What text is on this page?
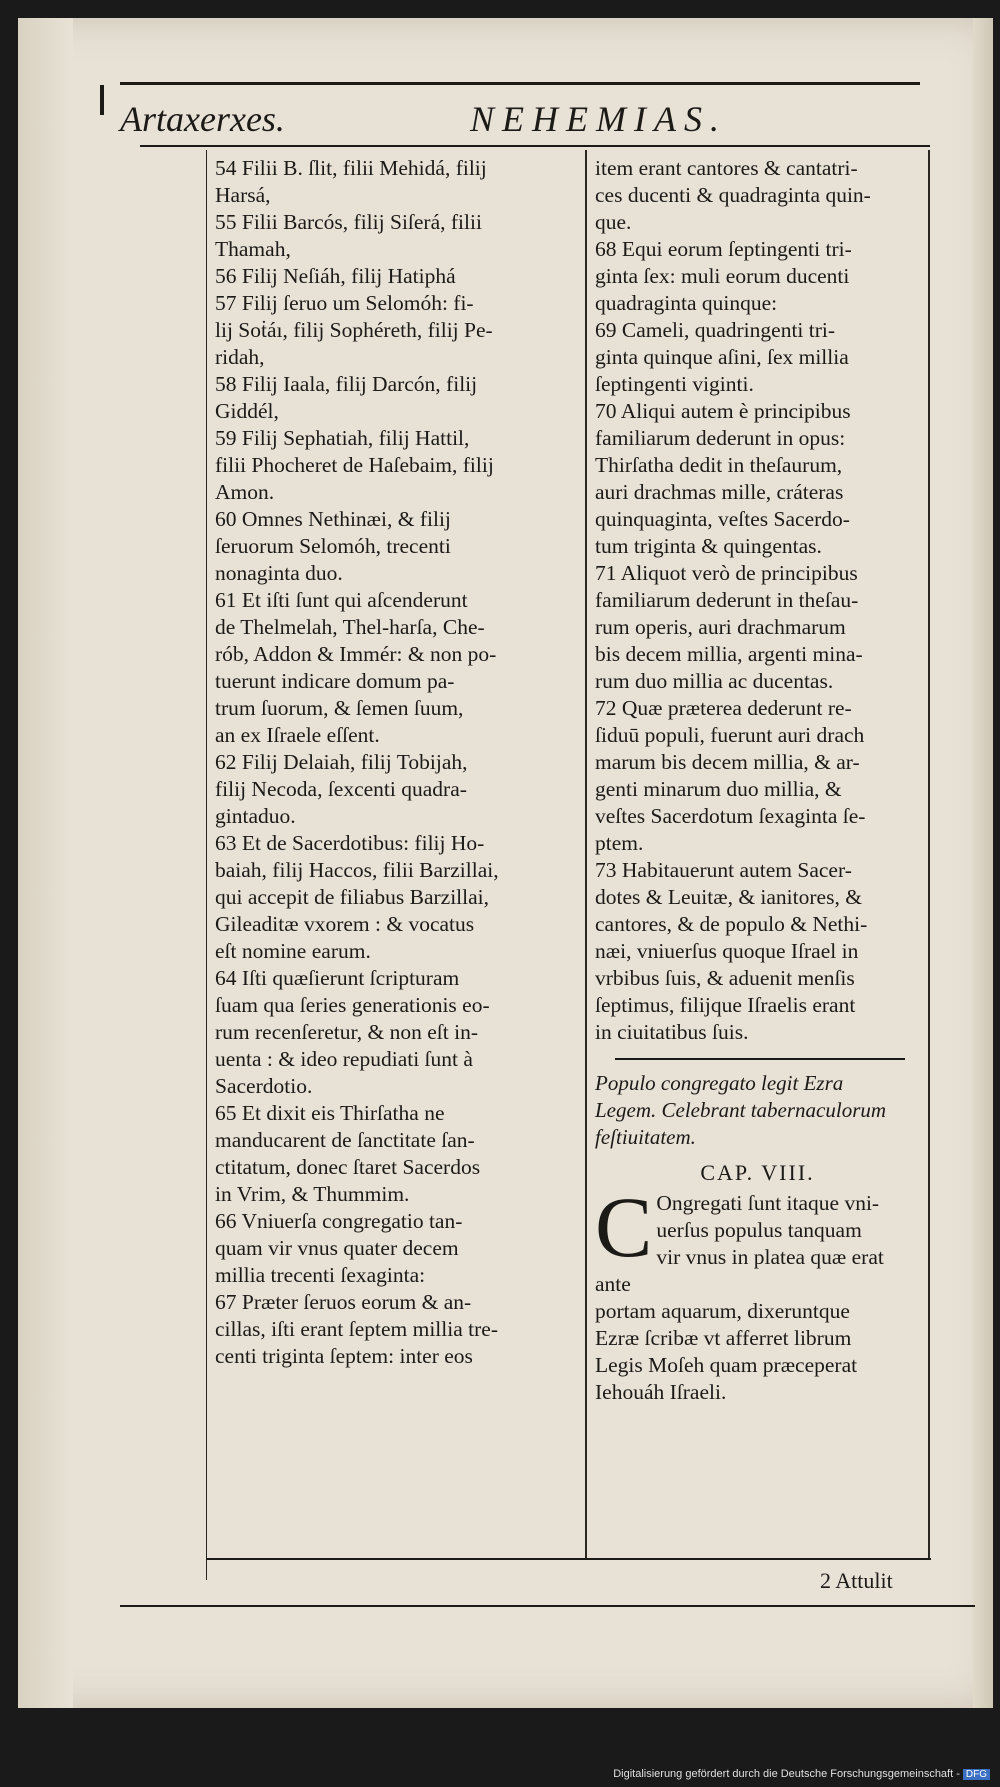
Artaxerxes.	NEHEMIAS.
54 Filii B. ſlit, filii Mehidá, filij
Harsá,
55 Filii Barcós, filij Siſerá, filii
Thamah,
56 Filij Neſiáh, filij Hatiphá
57 Filij ſeruo um Selomóh: fi-
lij Soṫáı, filij Sophéreth, filij Pe-
ridah,
58 Filij Iaala, filij Darcón, filij
Giddél,
59 Filij Sephatiah, filij Hattil,
filii Phocheret de Haſebaim, filij
Amon.
60 Omnes Nethinæi, & filij
ſeruorum Selomóh, trecenti
nonaginta duo.
61 Et iſti ſunt qui aſcenderunt
de Thelmelah, Thel-harſa, Che-
rób, Addon & Immér: & non po-
tuerunt indicare domum pa-
trum ſuorum, & ſemen ſuum,
an ex Iſraele eſſent.
62 Filij Delaiah, filij Tobijah,
filij Necoda, ſexcenti quadra-
gintaduo.
63 Et de Sacerdotibus: filij Ho-
baiah, filij Haccos, filii Barzillai,
qui accepit de filiabus Barzillai,
Gileaditæ vxorem : & vocatus
eſt nomine earum.
64 Iſti quæſierunt ſcripturam
ſuam qua ſeries generationis eo-
rum recenſeretur, & non eſt in-
uenta : & ideo repudiati ſunt à
Sacerdotio.
65 Et dixit eis Thirſatha ne
manducarent de ſanctitate ſan-
ctitatum, donec ſtaret Sacerdos
in Vrim, & Thummim.
66 Vniuerſa congregatio tan-
quam vir vnus quater decem
millia trecenti ſexaginta:
67 Præter ſeruos eorum & an-
cillas, iſti erant ſeptem millia tre-
centi triginta ſeptem: inter eos
item erant cantores & cantatri-
ces ducenti & quadraginta quin-
que.
68 Equi eorum ſeptingenti tri-
ginta ſex: muli eorum ducenti
quadraginta quinque:
69 Cameli, quadringenti tri-
ginta quinque aſini, ſex millia
ſeptingenti viginti.
70 Aliqui autem è principibus
familiarum dederunt in opus:
Thirſatha dedit in theſaurum,
auri drachmas mille, cráteras
quinquaginta, veſtes Sacerdo-
tum triginta & quingentas.
71 Aliquot verò de principibus
familiarum dederunt in theſau-
rum operis, auri drachmarum
bis decem millia, argenti mina-
rum duo millia ac ducentas.
72 Quæ præterea dederunt re-
ſiduū populi, fuerunt auri drach
marum bis decem millia, & ar-
genti minarum duo millia, &
veſtes Sacerdotum ſexaginta ſe-
ptem.
73 Habitauerunt autem Sacer-
dotes & Leuitæ, & ianitores, &
cantores, & de populo & Nethi-
næi, vniuerſus quoque Iſrael in
vrbibus ſuis, & aduenit menſis
ſeptimus, filijque Iſraelis erant
in ciuitatibus ſuis.
Populo congregato legit Ezra
Legem. Celebrant tabernaculorum
feſtiuitatem.
CAP. VIII.
C Ongregati ſunt itaque vni-
uerſus populus tanquam
vir vnus in platea quæ erat ante
portam aquarum, dixeruntque
Ezræ ſcribæ vt afferret librum
Legis Moſeh quam præceperat
Iehouáh Iſraeli.
2 Attulit
Digitalisierung gefördert durch die Deutsche Forschungsgemeinschaft - DFG
